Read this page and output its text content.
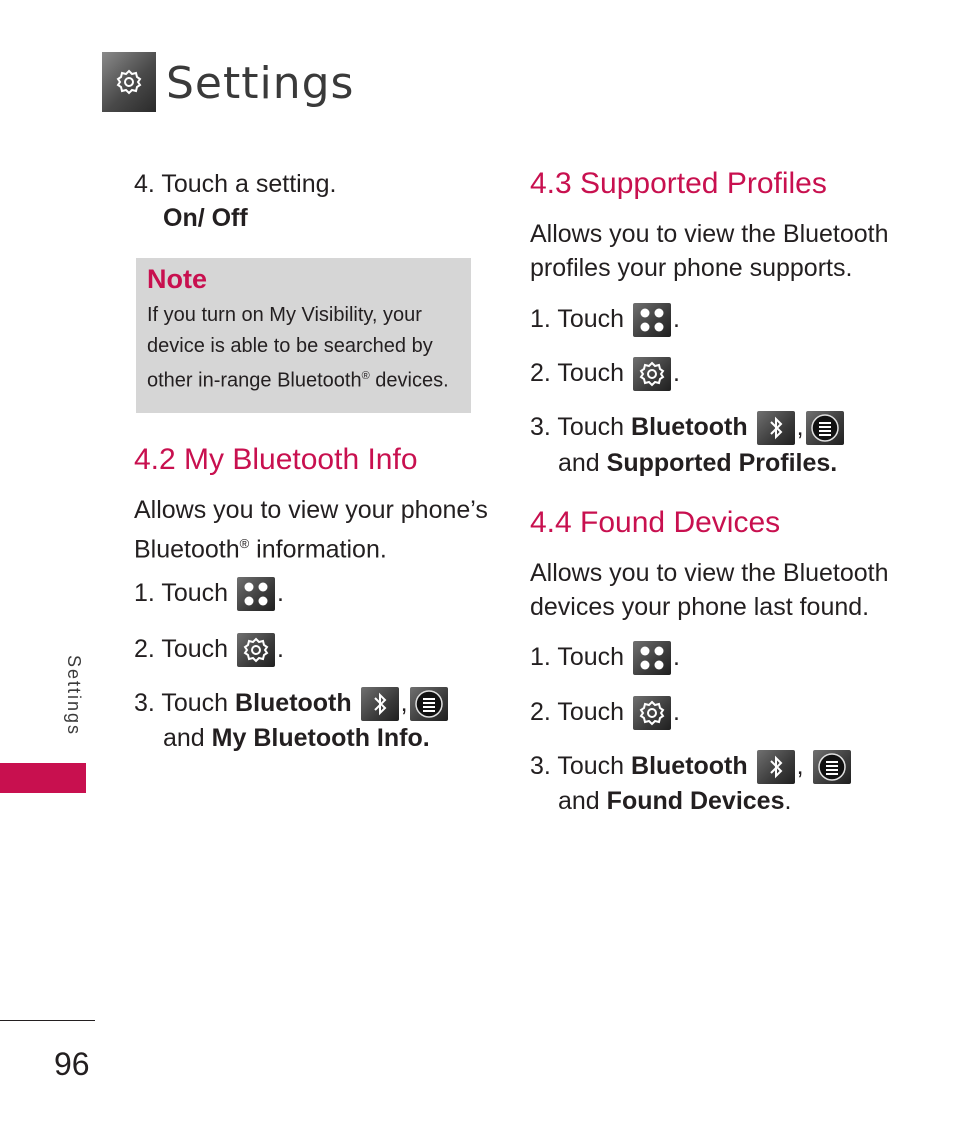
Settings
Settings
4. Touch a setting.
On/ Off
Note
If you turn on My Visibility, your
device is able to be searched by
other in-range Bluetooth® devices.
4.2 My Bluetooth Info
Allows you to view your phone’s
Bluetooth® information.
1. Touch .
2. Touch .
3. Touch Bluetooth ,
and My Bluetooth Info.
4.3 Supported Profiles
Allows you to view the Bluetooth
profiles your phone supports.
1. Touch .
2. Touch .
3. Touch Bluetooth ,
and Supported Profiles.
4.4 Found Devices
Allows you to view the Bluetooth
devices your phone last found.
1. Touch .
2. Touch .
3. Touch Bluetooth ,
and Found Devices.
96
